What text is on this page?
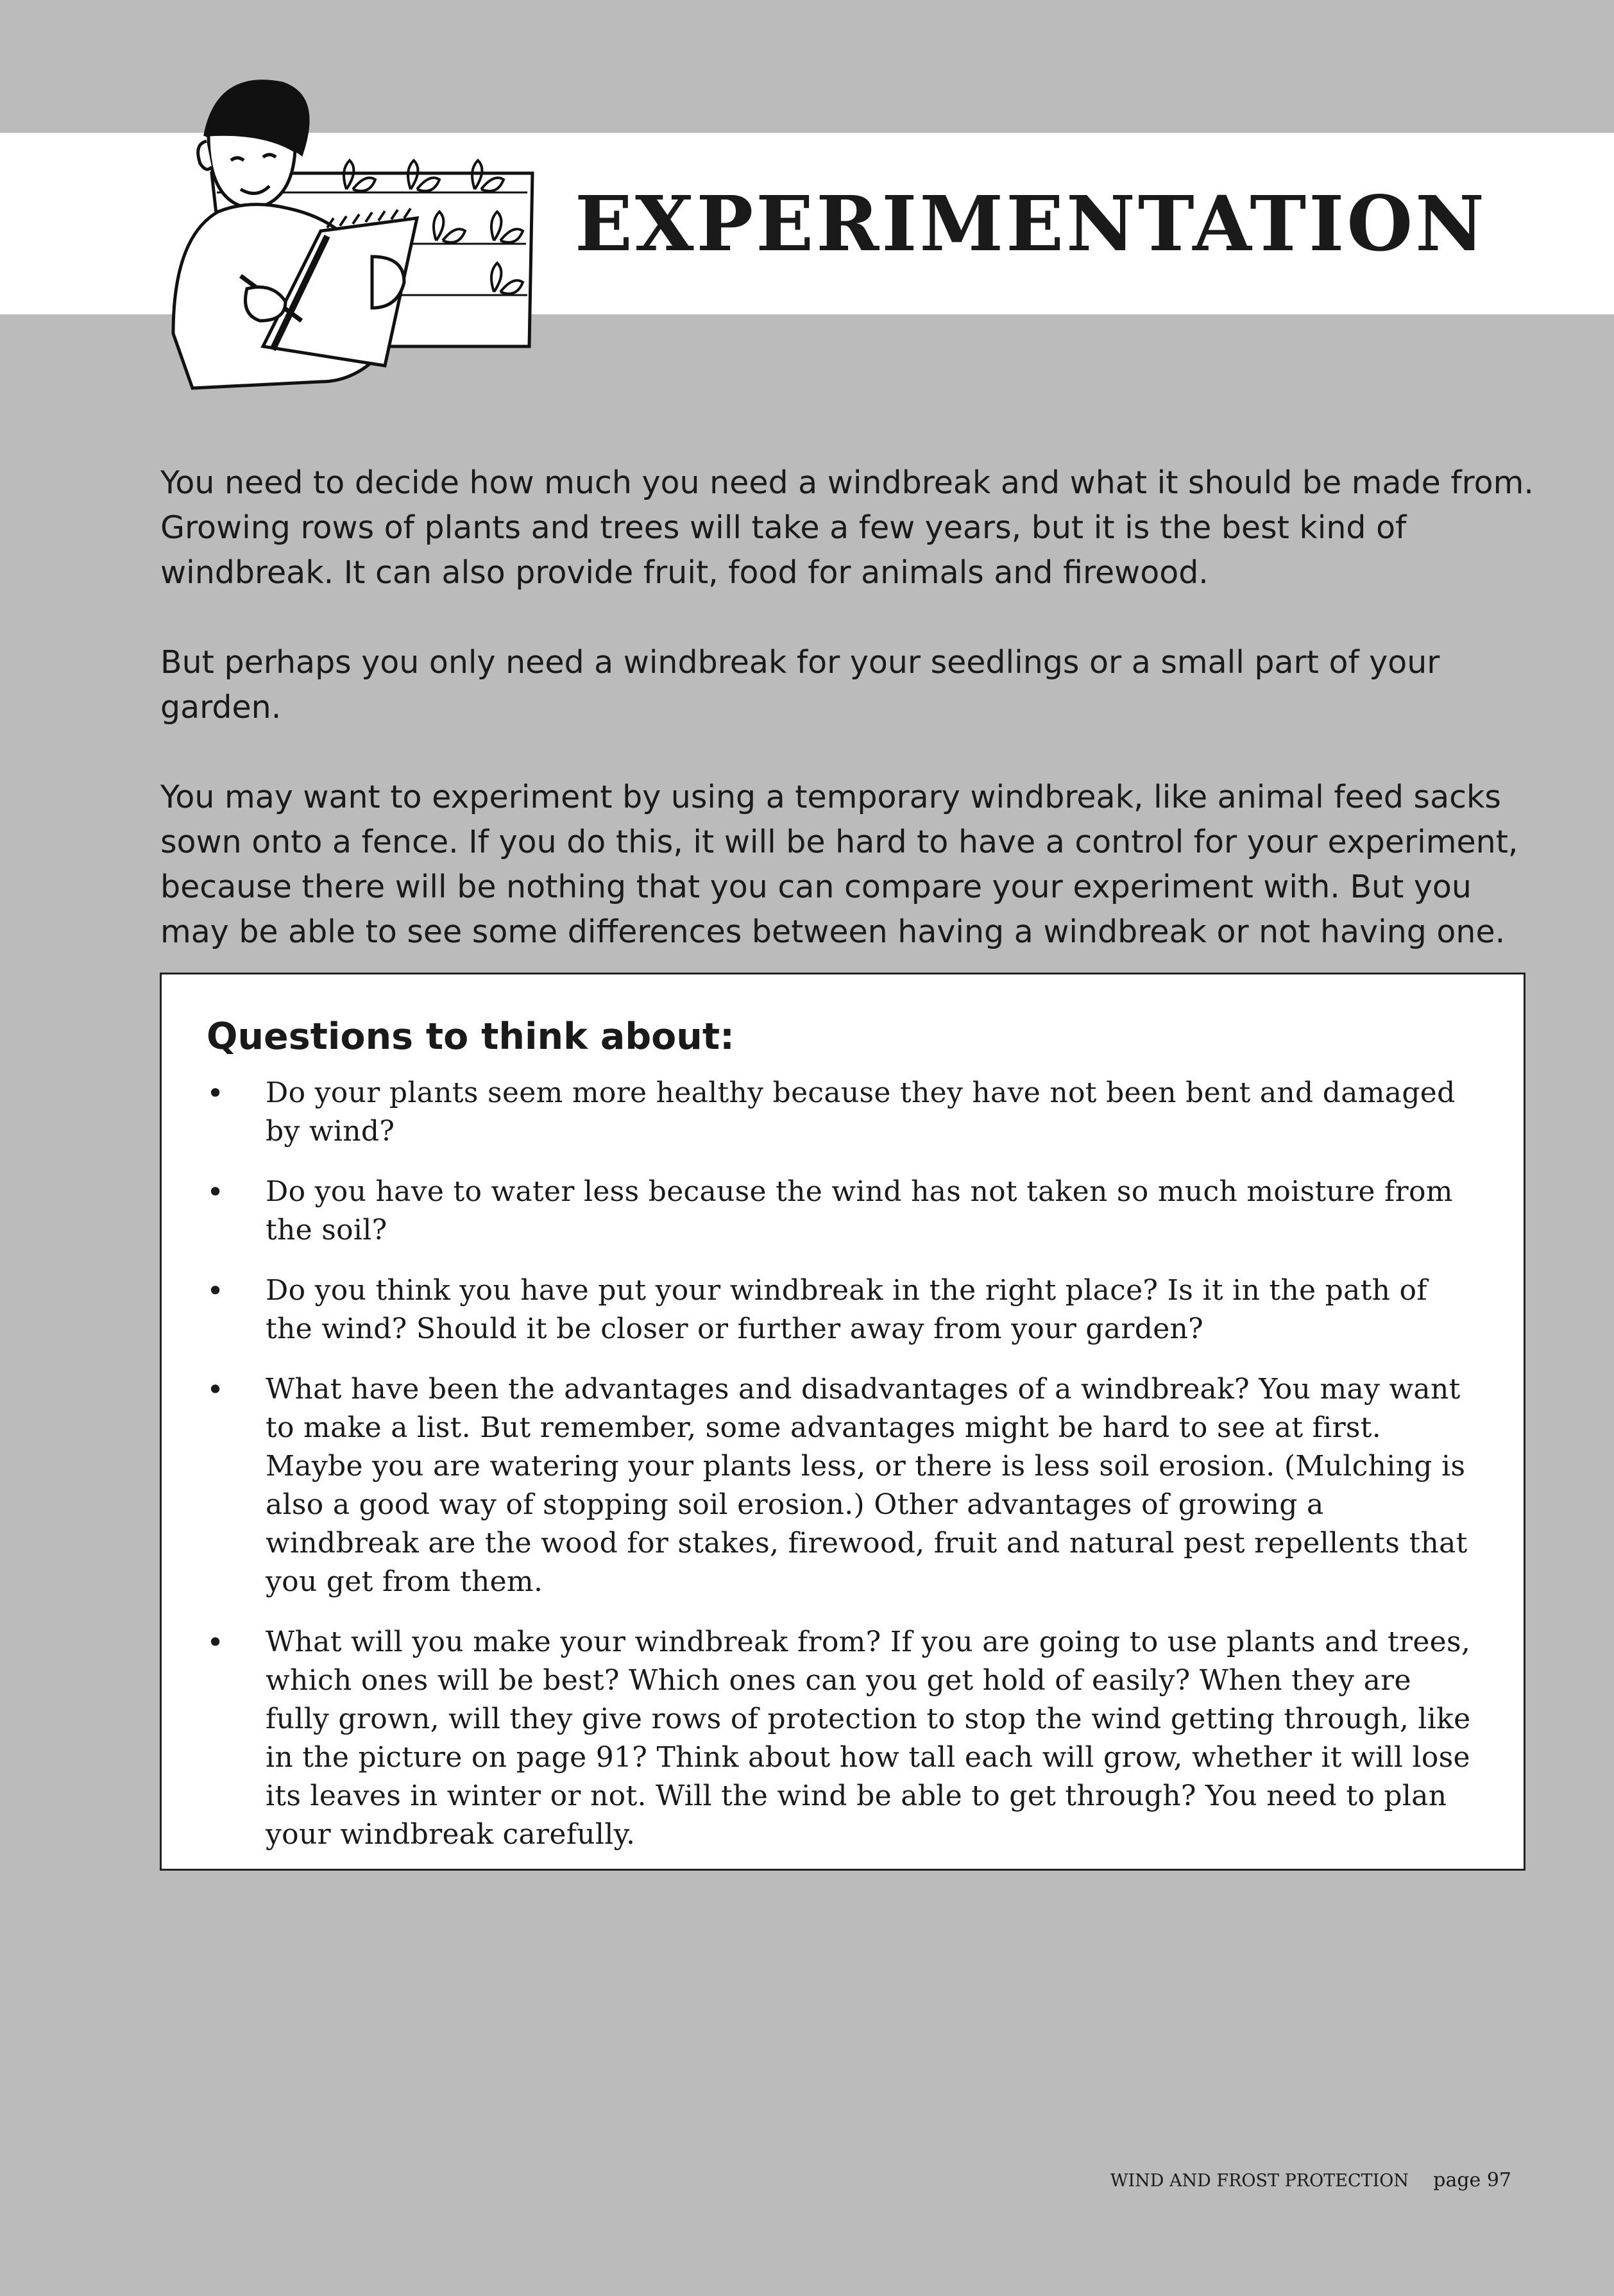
EXPERIMENTATION

You need to decide how much you need a windbreak and what it should be made from. Growing rows of plants and trees will take a few years, but it is the best kind of windbreak. It can also provide fruit, food for animals and firewood.

But perhaps you only need a windbreak for your seedlings or a small part of your garden.

You may want to experiment by using a temporary windbreak, like animal feed sacks sown onto a fence. If you do this, it will be hard to have a control for your experiment, because there will be nothing that you can compare your experiment with. But you may be able to see some differences between having a windbreak or not having one.

Questions to think about:
• Do your plants seem more healthy because they have not been bent and damaged by wind?
• Do you have to water less because the wind has not taken so much moisture from the soil?
• Do you think you have put your windbreak in the right place? Is it in the path of the wind? Should it be closer or further away from your garden?
• What have been the advantages and disadvantages of a windbreak? You may want to make a list. But remember, some advantages might be hard to see at first. Maybe you are watering your plants less, or there is less soil erosion. (Mulching is also a good way of stopping soil erosion.) Other advantages of growing a windbreak are the wood for stakes, firewood, fruit and natural pest repellents that you get from them.
• What will you make your windbreak from? If you are going to use plants and trees, which ones will be best? Which ones can you get hold of easily? When they are fully grown, will they give rows of protection to stop the wind getting through, like in the picture on page 91? Think about how tall each will grow, whether it will lose its leaves in winter or not. Will the wind be able to get through? You need to plan your windbreak carefully.
WIND AND FROST PROTECTION page 97
